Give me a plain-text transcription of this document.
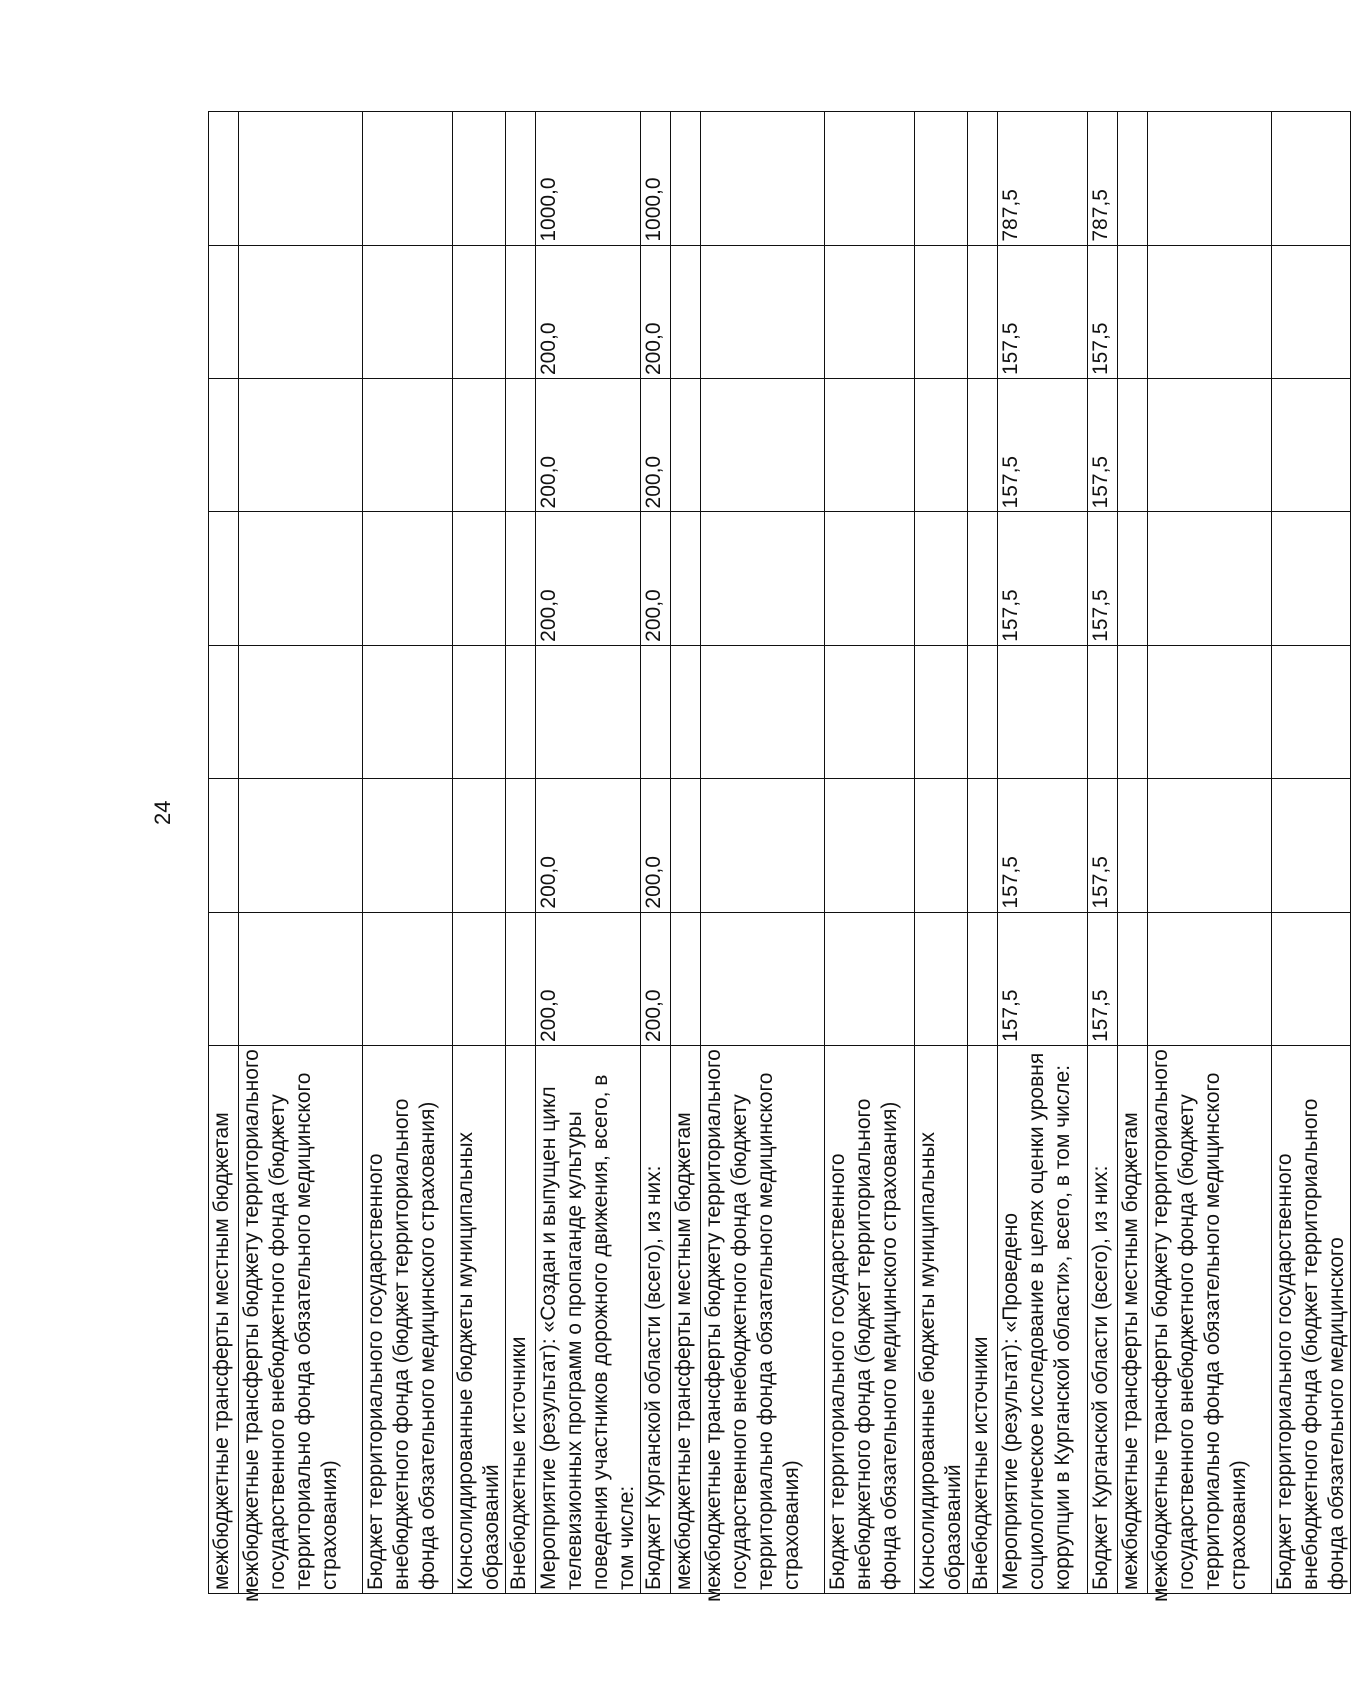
24
межбюджетные трансферты местным бюджетам							
межбюджетные трансферты бюджету территориального государственного внебюджетного фонда (бюджету территориально фонда обязательного медицинского страхования)							
Бюджет территориального государственного внебюджетного фонда (бюджет территориального фонда обязательного медицинского страхования)							
Консолидированные бюджеты муниципальных образований							
Внебюджетные источники							
Мероприятие (результат): «Создан и выпущен цикл телевизионных программ о пропаганде культуры поведения участников дорожного движения, всего, в том числе:	200,0	200,0		200,0	200,0	200,0	1000,0
Бюджет Курганской области (всего), из них:	200,0	200,0		200,0	200,0	200,0	1000,0
межбюджетные трансферты местным бюджетам							
межбюджетные трансферты бюджету территориального государственного внебюджетного фонда (бюджету территориально фонда обязательного медицинского страхования)							
Бюджет территориального государственного внебюджетного фонда (бюджет территориального фонда обязательного медицинского страхования)							
Консолидированные бюджеты муниципальных образований							
Внебюджетные источники							
Мероприятие (результат): «Проведено социологическое исследование в целях оценки уровня коррупции в Курганской области», всего, в том числе:	157,5	157,5		157,5	157,5	157,5	787,5
Бюджет Курганской области (всего), из них:	157,5	157,5		157,5	157,5	157,5	787,5
межбюджетные трансферты местным бюджетам							
межбюджетные трансферты бюджету территориального государственного внебюджетного фонда (бюджету территориально фонда обязательного медицинского страхования)							
Бюджет территориального государственного внебюджетного фонда (бюджет территориального фонда обязательного медицинского							
